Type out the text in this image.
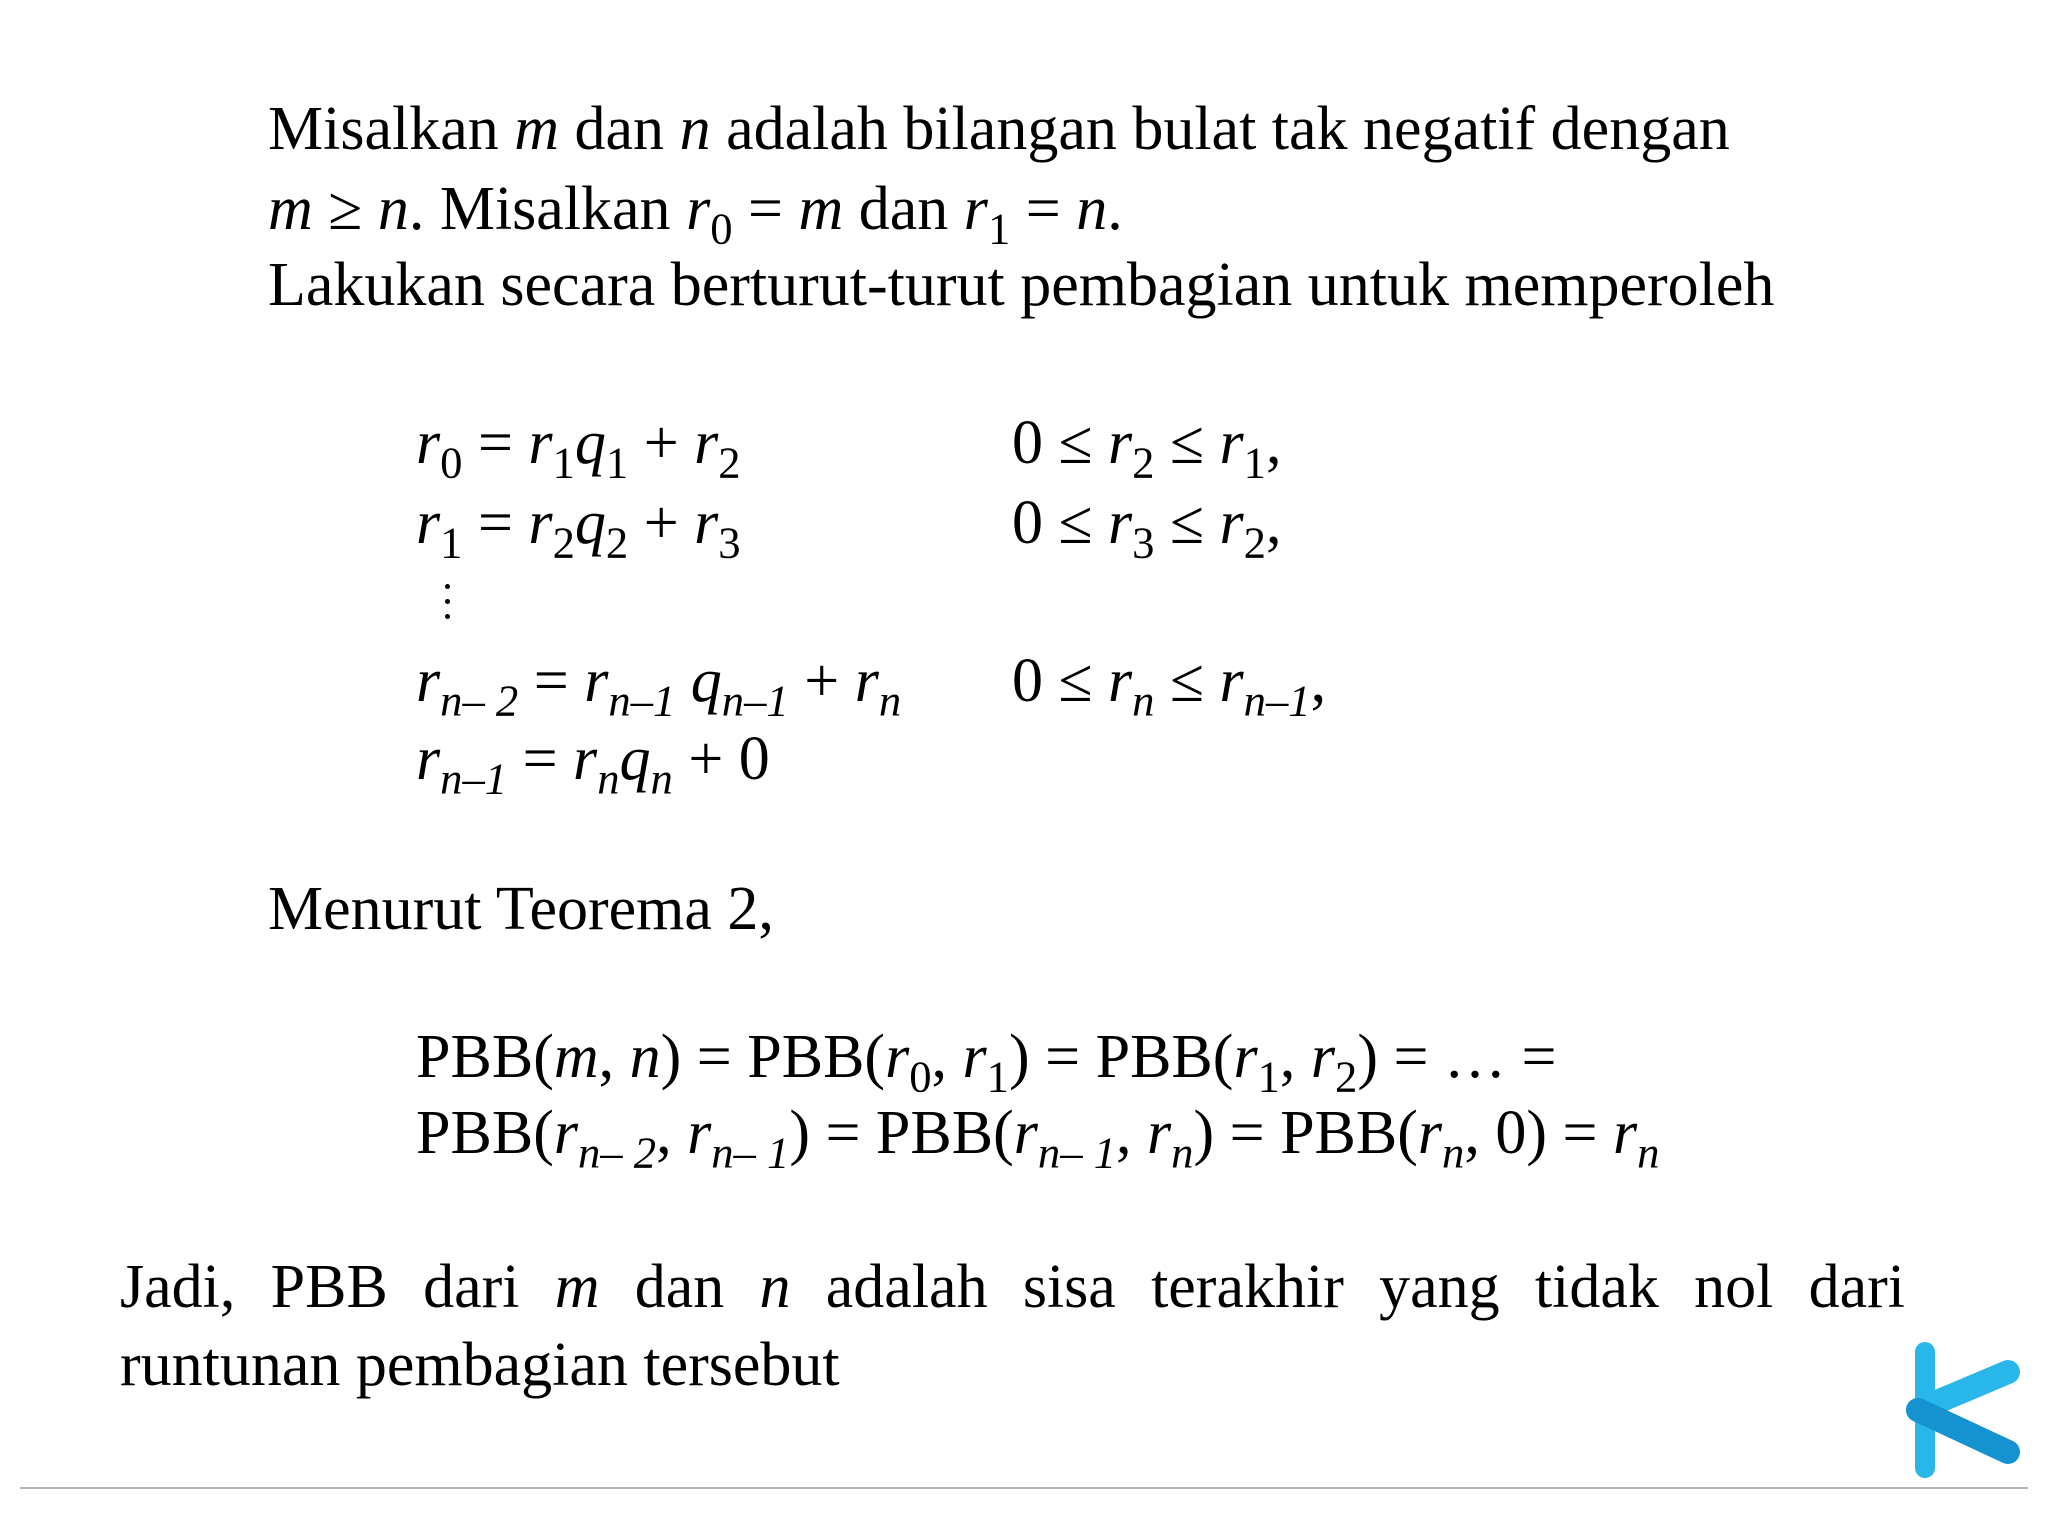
Misalkan m dan n adalah bilangan bulat tak negatif dengan
m ≥ n. Misalkan $r_0 = m$ dan $r_1 = n$.
Lakukan secara berturut-turut pembagian untuk memperoleh
$r_0 = r_1q_1 + r_2$	$0 \le r_2 \le r_1$,
$r_1 = r_2q_2 + r_3$	$0 \le r_3 \le r_2$,
$r_{n- 2} = r_{n-1}$ $q_{n-1} + r_n$ $0 \le r_n \le r_{n-1}$,
$r_{n-1} = r_nq_n + 0$
Menurut Teorema 2,
PBB(m, $n) = PBB(r_0$, $r_1) = PBB(r_1$, $r_2$) = … =
$PBB(r_{n- 2}$, $r_{n- 1}) = PBB(r_{n- 1}$, $r_n) = PBB(r_n$, $0) = r_n$
Jadi, PBB dari m dan n adalah sisa terakhir yang tidak nol dari
runtunan pembagian tersebut
